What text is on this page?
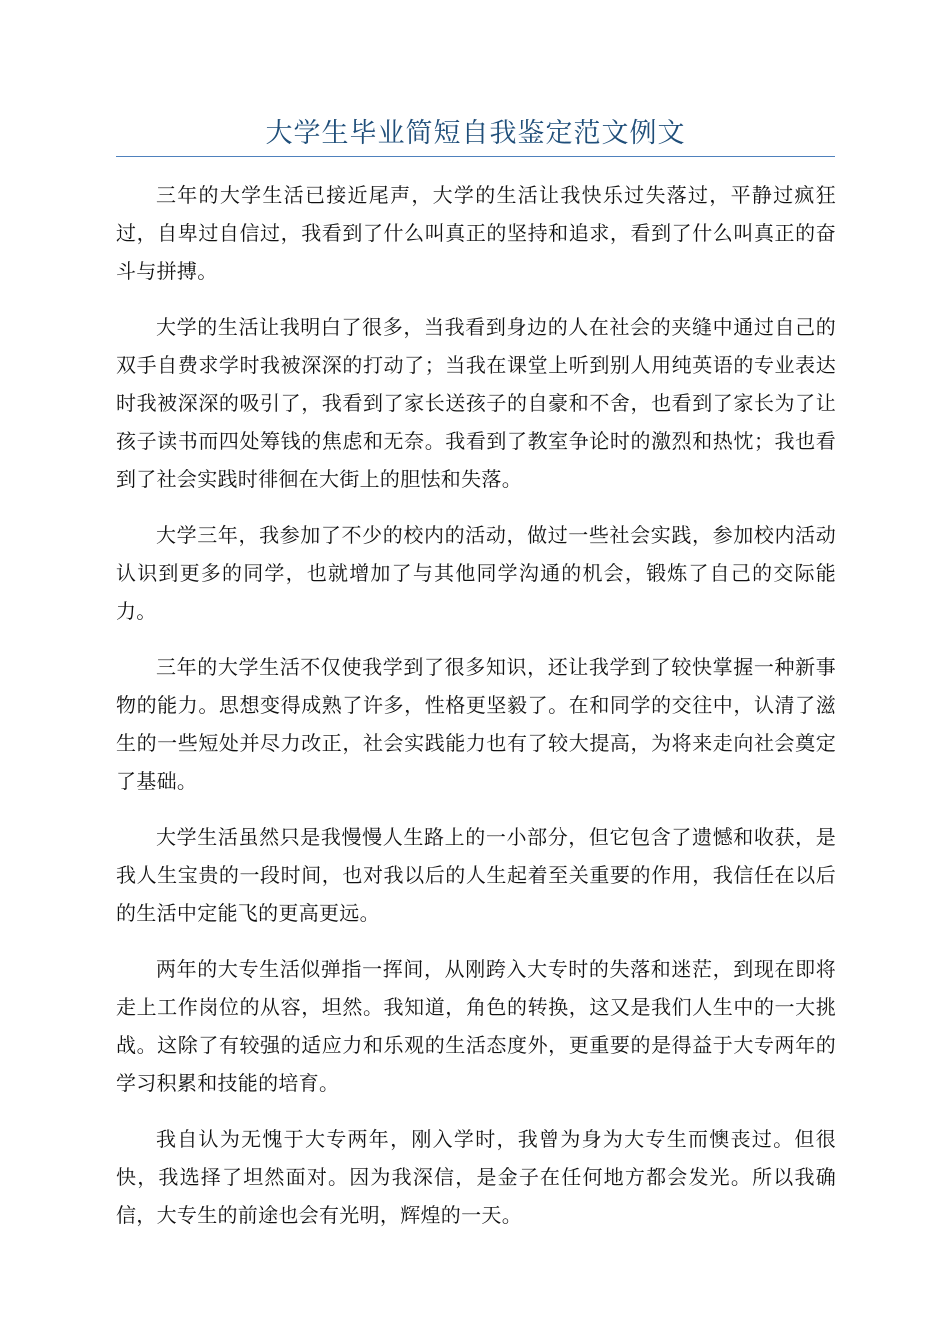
大学生毕业简短自我鉴定范文例文

三年的大学生活已接近尾声，大学的生活让我快乐过失落过，平静过疯狂过，自卑过自信过，我看到了什么叫真正的坚持和追求，看到了什么叫真正的奋斗与拼搏。

大学的生活让我明白了很多，当我看到身边的人在社会的夹缝中通过自己的双手自费求学时我被深深的打动了；当我在课堂上听到别人用纯英语的专业表达时我被深深的吸引了，我看到了家长送孩子的自豪和不舍，也看到了家长为了让孩子读书而四处筹钱的焦虑和无奈。我看到了教室争论时的激烈和热忱；我也看到了社会实践时徘徊在大街上的胆怯和失落。

大学三年，我参加了不少的校内的活动，做过一些社会实践，参加校内活动认识到更多的同学，也就增加了与其他同学沟通的机会，锻炼了自己的交际能力。

三年的大学生活不仅使我学到了很多知识，还让我学到了较快掌握一种新事物的能力。思想变得成熟了许多，性格更坚毅了。在和同学的交往中，认清了滋生的一些短处并尽力改正，社会实践能力也有了较大提高，为将来走向社会奠定了基础。

大学生活虽然只是我慢慢人生路上的一小部分，但它包含了遗憾和收获，是我人生宝贵的一段时间，也对我以后的人生起着至关重要的作用，我信任在以后的生活中定能飞的更高更远。

两年的大专生活似弹指一挥间，从刚跨入大专时的失落和迷茫，到现在即将走上工作岗位的从容，坦然。我知道，角色的转换，这又是我们人生中的一大挑战。这除了有较强的适应力和乐观的生活态度外，更重要的是得益于大专两年的学习积累和技能的培育。

我自认为无愧于大专两年，刚入学时，我曾为身为大专生而懊丧过。但很快，我选择了坦然面对。因为我深信，是金子在任何地方都会发光。所以我确信，大专生的前途也会有光明，辉煌的一天。
